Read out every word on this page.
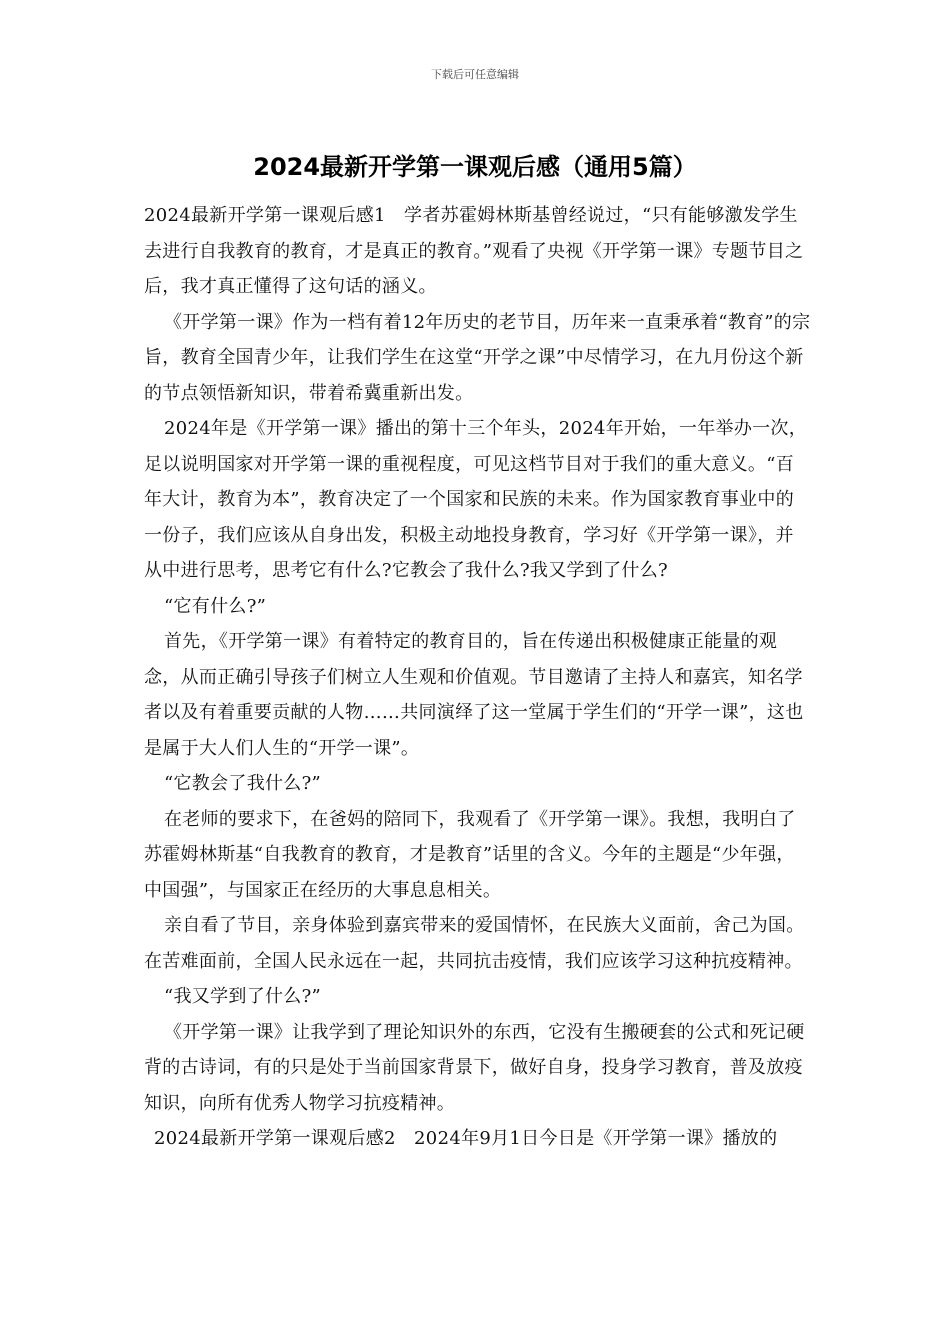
下载后可任意编辑
2024最新开学第一课观后感（通用5篇）

2024最新开学第一课观后感1　学者苏霍姆林斯基曾经说过，“只有能够激发学生去进行自我教育的教育，才是真正的教育。”观看了央视《开学第一课》专题节目之后，我才真正懂得了这句话的涵义。

《开学第一课》作为一档有着12年历史的老节目，历年来一直秉承着“教育”的宗旨，教育全国青少年，让我们学生在这堂“开学之课”中尽情学习，在九月份这个新的节点领悟新知识，带着希冀重新出发。

2024年是《开学第一课》播出的第十三个年头，2024年开始，一年举办一次，足以说明国家对开学第一课的重视程度，可见这档节目对于我们的重大意义。“百年大计，教育为本”，教育决定了一个国家和民族的未来。作为国家教育事业中的一份子，我们应该从自身出发，积极主动地投身教育，学习好《开学第一课》，并从中进行思考，思考它有什么?它教会了我什么?我又学到了什么?

“它有什么?”

首先，《开学第一课》有着特定的教育目的，旨在传递出积极健康正能量的观念，从而正确引导孩子们树立人生观和价值观。节目邀请了主持人和嘉宾，知名学者以及有着重要贡献的人物……共同演绎了这一堂属于学生们的“开学一课”，这也是属于大人们人生的“开学一课”。

“它教会了我什么?”

在老师的要求下，在爸妈的陪同下，我观看了《开学第一课》。我想，我明白了苏霍姆林斯基“自我教育的教育，才是教育”话里的含义。今年的主题是“少年强，中国强”，与国家正在经历的大事息息相关。

亲自看了节目，亲身体验到嘉宾带来的爱国情怀，在民族大义面前，舍己为国。在苦难面前，全国人民永远在一起，共同抗击疫情，我们应该学习这种抗疫精神。

“我又学到了什么?”

《开学第一课》让我学到了理论知识外的东西，它没有生搬硬套的公式和死记硬背的古诗词，有的只是处于当前国家背景下，做好自身，投身学习教育，普及放疫知识，向所有优秀人物学习抗疫精神。

2024最新开学第一课观后感2　2024年9月1日今日是《开学第一课》播放的
